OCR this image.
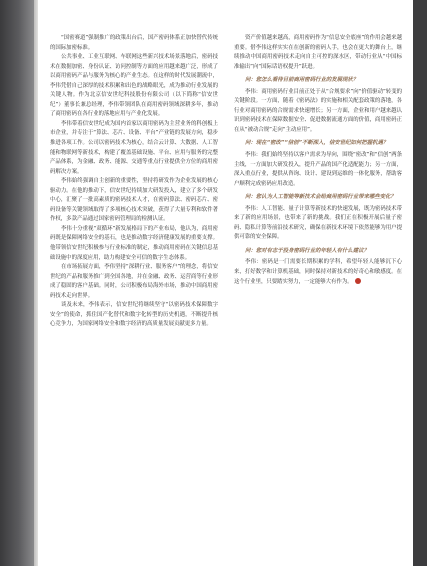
“国密赛道”强制推广的政策出台后，国产密码体系正加快替代传统的国际加密标准。

公共事业、工业互联网、车联网这些新兴技术场景落地后，密码技术在数据加密、身份认证、访问控制等方面的应用越来越广泛，形成了以商用密码产品与服务为核心的产业生态。在这样的时代发展潮流中，李伟凭借自己深厚的技术积累和出色的战略眼光，成为推动行业发展的关键人物。作为北京信安世纪科技股份有限公司（以下简称“信安世纪”）董事长兼总经理，李伟带领团队在商用密码领域深耕多年，推动了商用密码在各行业的落地应用与产业化发展。

李伟带着信安世纪成为国内首家以商用密码为主营业务的科创板上市企业，并专注于“算法、芯片、设备、平台”产业链的发展方向，稳步推进各项工作。公司以密码技术为核心，结合云计算、大数据、人工智能和物联网等新技术，构建了覆盖基础设施、平台、应用与服务的完整产品体系，为金融、政务、能源、交通等重点行业提供全方位的商用密码解决方案。

李伟始终强调自主创新的重要性，坚持将研发作为企业发展的核心驱动力。在他的推动下，信安世纪持续加大研发投入，建立了多个研发中心，汇聚了一批高素质的密码技术人才，在密码算法、密码芯片、密码设备等关键领域取得了多项核心技术突破，获得了大量专利和软件著作权，多款产品通过国家密码管理局的检测认证。

李伟十分重视“双循环”新发展格局下的产业布局，他认为，商用密码既是保障网络安全的基石，也是推动数字经济健康发展的重要支撑。他带领信安世纪积极参与行业标准的制定，推动商用密码在关键信息基础设施中的深度应用，助力构建安全可信的数字生态体系。

在市场拓展方面，李伟坚持“深耕行业、服务客户”的理念，将信安世纪的产品和服务推广到全国各地，并在金融、政务、运营商等行业形成了稳固的客户基础。同时，公司积极布局海外市场，推动中国商用密码技术走向世界。

谈及未来，李伟表示，信安世纪将继续坚守“以密码技术保障数字安全”的使命，抓住国产化替代和数字化转型的历史机遇，不断提升核心竞争力，为国家网络安全和数字经济的高质量发展贡献更多力量。

资产价值越来越高，商用密码作为“信息安全底座”的作用会越来越重要。借李伟这样实实在在创新的密码人手，也会在更大的舞台上，继续推动中国商用密码技术走向自主可控的深水区，带动行业从“中国标准输出”向“国际话语权提升”跃进。

问：您怎么看待目前商用密码行业的发展现状？

李伟：商用密码行业目前正处于从“合规要求”向“价值驱动”转变的关键阶段。一方面，随着《密码法》的实施和相关配套政策的落地，各行业对商用密码的合规需求快速增长；另一方面，企业和用户越来越认识到密码技术在保障数据安全、促进数据流通方面的价值，商用密码正在从“被动合规”走向“主动应用”。

问：现在“密改”“信创”不断深入，信安世纪如何把握机遇？

李伟：我们始终坚持以客户需求为导向，围绕“密改”和“信创”两条主线，一方面加大研发投入，提升产品的国产化适配能力；另一方面，深入重点行业，提供从咨询、设计、建设到运维的一体化服务，帮助客户顺利完成密码应用改造。

问：您认为人工智能等新技术会给商用密码行业带来哪些变化？

李伟：人工智能、量子计算等新技术的快速发展，既为密码技术带来了新的应用场景，也带来了新的挑战。我们正在积极开展后量子密码、隐私计算等前沿技术研究，确保在新技术环境下依然能够为用户提供可靠的安全保障。

问：您对有志于投身密码行业的年轻人有什么建议？

李伟：密码是一门需要长期积累的学科，希望年轻人能够沉下心来，打好数学和计算机基础，同时保持对新技术的好奇心和敏感度。在这个行业里，只要踏实努力，一定能够大有作为。
